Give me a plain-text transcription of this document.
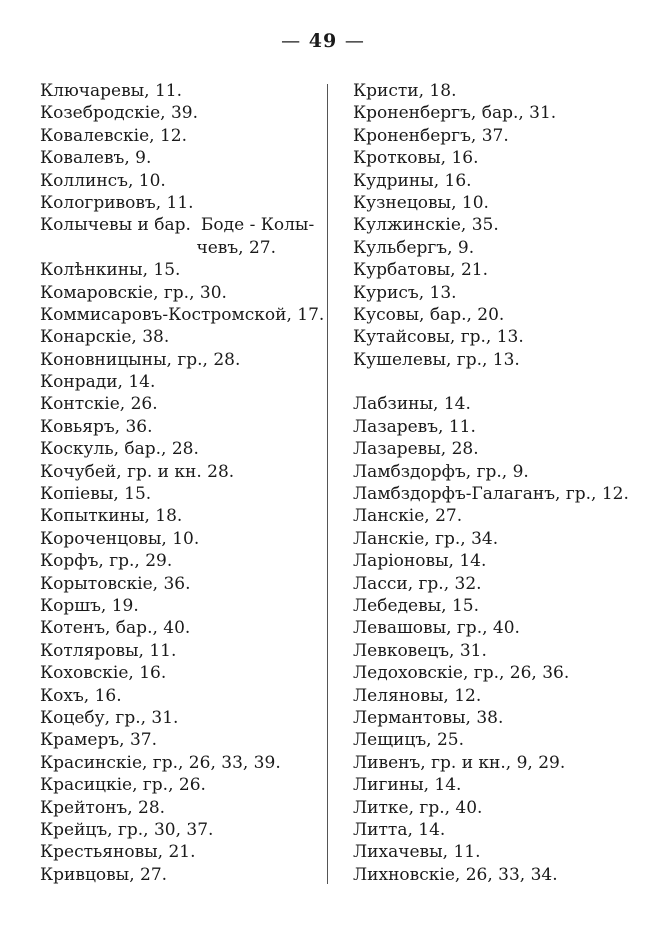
— 49 —
Ключаревы, 11.
Козебродскіе, 39.
Ковалевскіе, 12.
Ковалевъ, 9.
Коллинсъ, 10.
Кологривовъ, 11.
Колычевы и бар. Боде - Колы-
чевъ, 27.
Колѣнкины, 15.
Комаровскіе, гр., 30.
Коммисаровъ-Костромской, 17.
Конарскіе, 38.
Коновницыны, гр., 28.
Конради, 14.
Контскіе, 26.
Ковьяръ, 36.
Коскуль, бар., 28.
Кочубей, гр. и кн. 28.
Копіевы, 15.
Копыткины, 18.
Короченцовы, 10.
Корфъ, гр., 29.
Корытовскіе, 36.
Коршъ, 19.
Котенъ, бар., 40.
Котляровы, 11.
Коховскіе, 16.
Кохъ, 16.
Коцебу, гр., 31.
Крамеръ, 37.
Красинскіе, гр., 26, 33, 39.
Красицкіе, гр., 26.
Крейтонъ, 28.
Крейцъ, гр., 30, 37.
Крестьяновы, 21.
Кривцовы, 27.
Кристи, 18.
Кроненбергъ, бар., 31.
Кроненбергъ, 37.
Кротковы, 16.
Кудрины, 16.
Кузнецовы, 10.
Кулжинскіе, 35.
Кульбергъ, 9.
Курбатовы, 21.
Курисъ, 13.
Кусовы, бар., 20.
Кутайсовы, гр., 13.
Кушелевы, гр., 13.
Лабзины, 14.
Лазаревъ, 11.
Лазаревы, 28.
Ламбздорфъ, гр., 9.
Ламбздорфъ-Галаганъ, гр., 12.
Ланскіе, 27.
Ланскіе, гр., 34.
Ларіоновы, 14.
Ласси, гр., 32.
Лебедевы, 15.
Левашовы, гр., 40.
Левковецъ, 31.
Ледоховскіе, гр., 26, 36.
Леляновы, 12.
Лермантовы, 38.
Лещицъ, 25.
Ливенъ, гр. и кн., 9, 29.
Лигины, 14.
Литке, гр., 40.
Литта, 14.
Лихачевы, 11.
Лихновскіе, 26, 33, 34.
